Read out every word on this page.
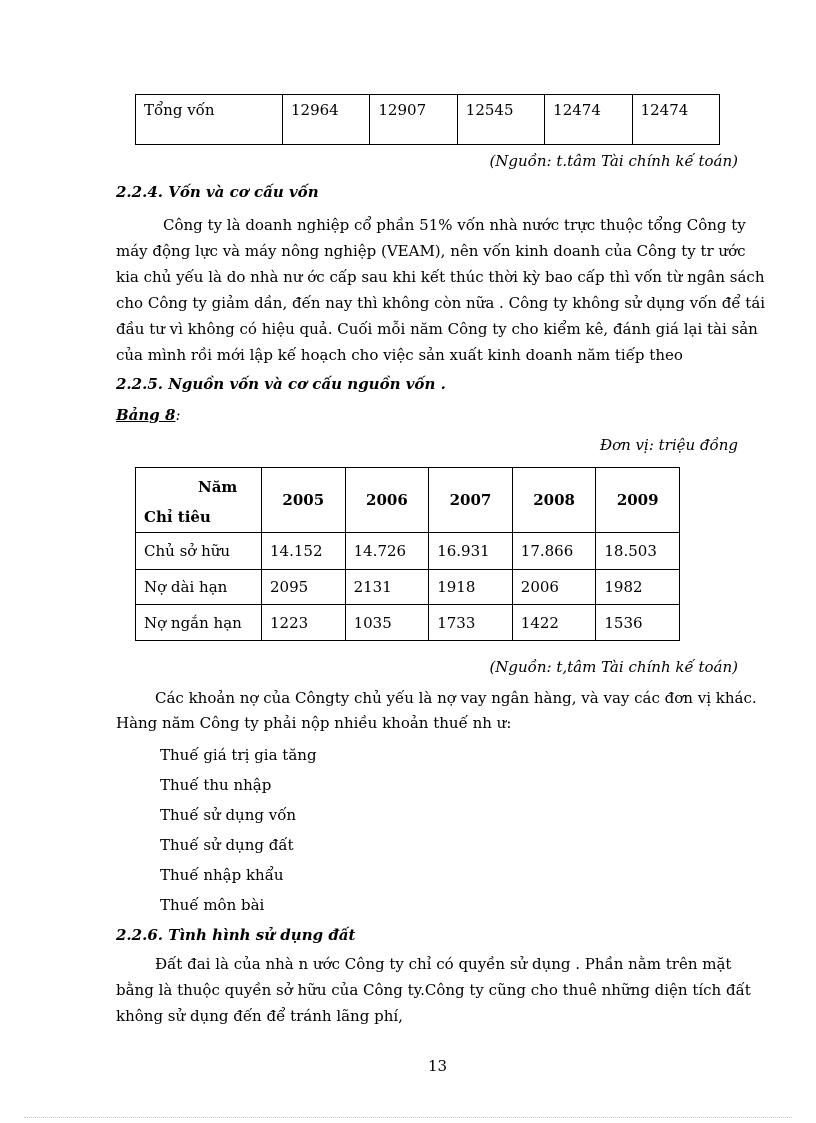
Tổng vốn	12964	12907	12545	12474	12474
(Nguồn: t.tâm Tài chính kế toán)
2.2.4. Vốn và cơ cấu vốn
Công ty là doanh nghiệp cổ phần 51% vốn nhà nước trực thuộc tổng Công ty
máy động lực và máy nông nghiệp (VEAM), nên vốn kinh doanh của Công ty tr ước
kia chủ yếu là do nhà nư ớc cấp sau khi kết thúc thời kỳ bao cấp thì vốn từ ngân sách
cho Công ty giảm dần, đến nay thì không còn nữa . Công ty không sử dụng vốn để tái
đầu tư vì không có hiệu quả. Cuối mỗi năm Công ty cho kiểm kê, đánh giá lại tài sản
của mình rồi mới lập kế hoạch cho việc sản xuất kinh doanh năm tiếp theo
2.2.5. Nguồn vốn và cơ cấu nguồn vốn .
Bảng 8:
Đơn vị: triệu đồng
Năm
Chỉ tiêu	2005	2006	2007	2008	2009
Chủ sở hữu	14.152	14.726	16.931	17.866	18.503
Nợ dài hạn	2095	2131	1918	2006	1982
Nợ ngắn hạn	1223	1035	1733	1422	1536
(Nguồn: t,tâm Tài chính kế toán)
Các khoản nợ của Côngty chủ yếu là nợ vay ngân hàng, và vay các đơn vị khác.
Hàng năm Công ty phải nộp nhiều khoản thuế nh ư:
Thuế giá trị gia tăng
Thuế thu nhập
Thuế sử dụng vốn
Thuế sử dụng đất
Thuế nhập khẩu
Thuế môn bài
2.2.6. Tình hình sử dụng đất
Đất đai là của nhà n ước Công ty chỉ có quyền sử dụng . Phần nằm trên mặt
bằng là thuộc quyền sở hữu của Công ty.Công ty cũng cho thuê những diện tích đất
không sử dụng đến để tránh lãng phí,
13
